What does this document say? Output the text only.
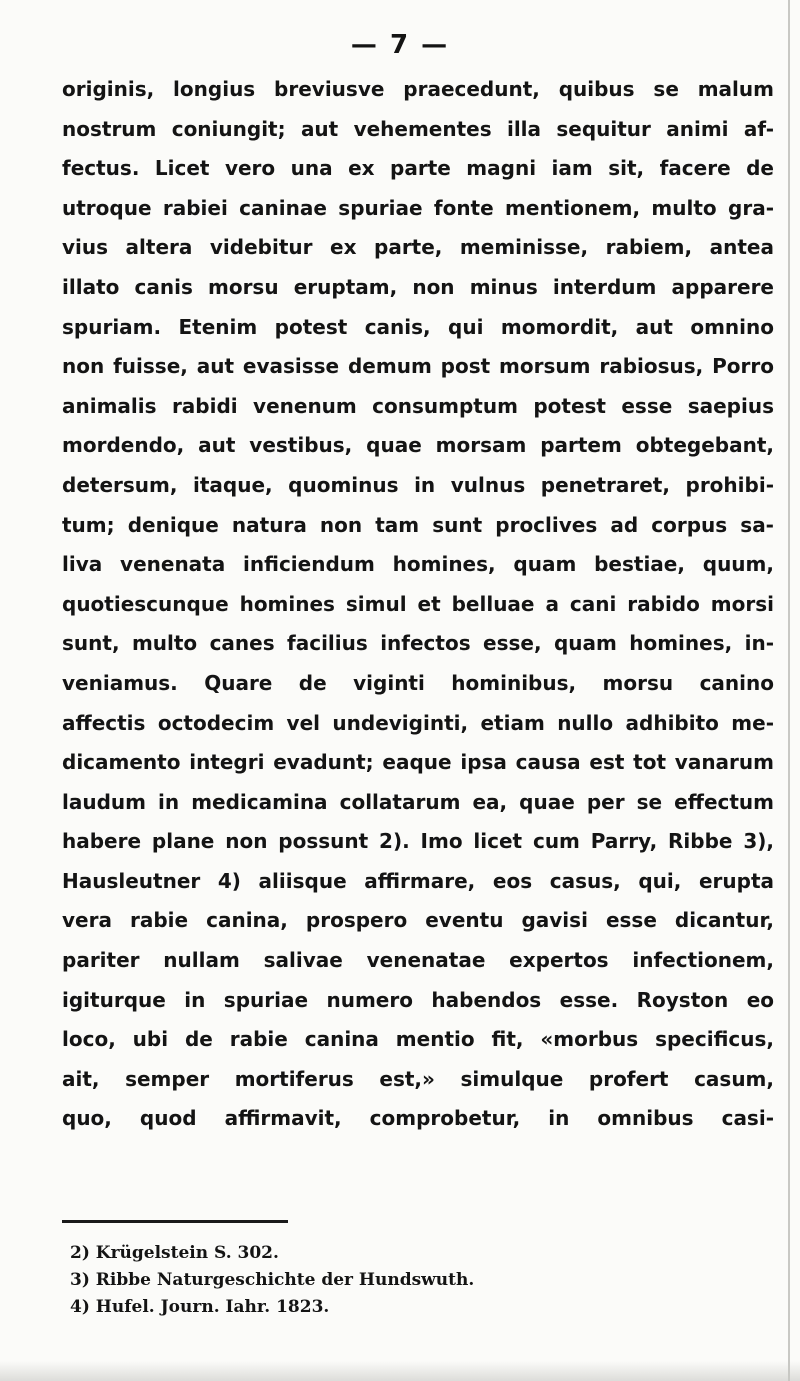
— 7 —
originis, longius breviusve praecedunt, quibus se malum
nostrum coniungit; aut vehementes illa sequitur animi af-
fectus. Licet vero una ex parte magni iam sit, facere de
utroque rabiei caninae spuriae fonte mentionem, multo gra-
vius altera videbitur ex parte, meminisse, rabiem, antea
illato canis morsu eruptam, non minus interdum apparere
spuriam. Etenim potest canis, qui momordit, aut omnino
non fuisse, aut evasisse demum post morsum rabiosus, Porro
animalis rabidi venenum consumptum potest esse saepius
mordendo, aut vestibus, quae morsam partem obtegebant,
detersum, itaque, quominus in vulnus penetraret, prohibi-
tum; denique natura non tam sunt proclives ad corpus sa-
liva venenata inficiendum homines, quam bestiae, quum,
quotiescunque homines simul et belluae a cani rabido morsi
sunt, multo canes facilius infectos esse, quam homines, in-
veniamus. Quare de viginti hominibus, morsu canino
affectis octodecim vel undeviginti, etiam nullo adhibito me-
dicamento integri evadunt; eaque ipsa causa est tot vanarum
laudum in medicamina collatarum ea, quae per se effectum
habere plane non possunt 2). Imo licet cum Parry, Ribbe 3),
Hausleutner 4) aliisque affirmare, eos casus, qui, erupta
vera rabie canina, prospero eventu gavisi esse dicantur,
pariter nullam salivae venenatae expertos infectionem,
igiturque in spuriae numero habendos esse. Royston eo
loco, ubi de rabie canina mentio fit, «morbus specificus,
ait, semper mortiferus est,» simulque profert casum,
quo, quod affirmavit, comprobetur, in omnibus casi-
2) Krügelstein S. 302.
3) Ribbe Naturgeschichte der Hundswuth.
4) Hufel. Journ. Iahr. 1823.
